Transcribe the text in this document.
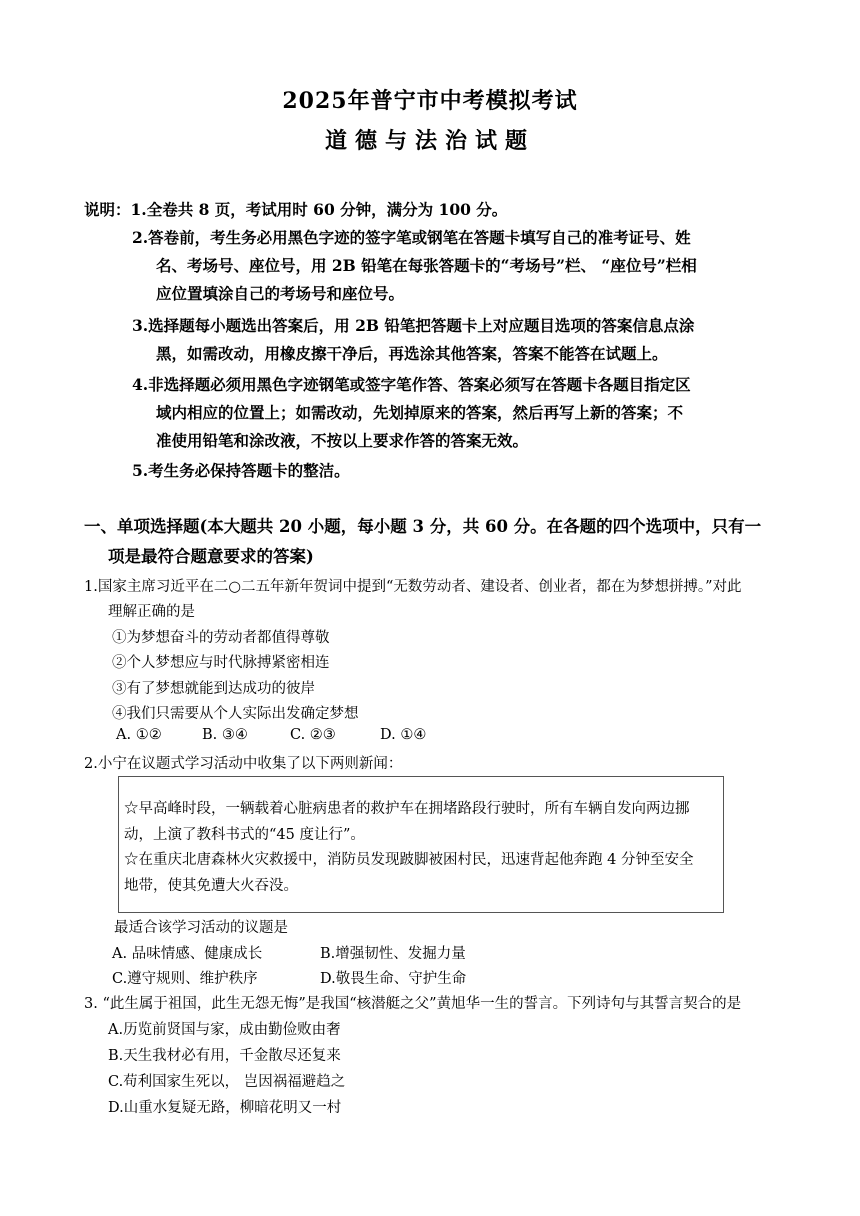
2025年普宁市中考模拟考试
道德与法治试题
说明：1.全卷共 8 页，考试用时 60 分钟，满分为 100 分。
2.答卷前，考生务必用黑色字迹的签字笔或钢笔在答题卡填写自己的准考证号、姓
名、考场号、座位号，用 2B 铅笔在每张答题卡的“考场号”栏、 “座位号”栏相
应位置填涂自己的考场号和座位号。
3.选择题每小题选出答案后，用 2B 铅笔把答题卡上对应题目选项的答案信息点涂
黑，如需改动，用橡皮擦干净后，再选涂其他答案，答案不能答在试题上。
4.非选择题必须用黑色字迹钢笔或签字笔作答、答案必须写在答题卡各题目指定区
域内相应的位置上；如需改动，先划掉原来的答案，然后再写上新的答案；不
准使用铅笔和涂改液，不按以上要求作答的答案无效。
5.考生务必保持答题卡的整洁。
一、单项选择题(本大题共 20 小题，每小题 3 分，共 60 分。在各题的四个选项中，只有一
项是最符合题意要求的答案)
1.国家主席习近平在二○二五年新年贺词中提到“无数劳动者、建设者、创业者，都在为梦想拼搏。”对此
理解正确的是
①为梦想奋斗的劳动者都值得尊敬
②个人梦想应与时代脉搏紧密相连
③有了梦想就能到达成功的彼岸
④我们只需要从个人实际出发确定梦想
A. ①②	B. ③④	C. ②③	D. ①④
2.小宁在议题式学习活动中收集了以下两则新闻：
☆早高峰时段，一辆载着心脏病患者的救护车在拥堵路段行驶时，所有车辆自发向两边挪
动，上演了教科书式的“45 度让行”。
☆在重庆北唐森林火灾救援中，消防员发现跛脚被困村民，迅速背起他奔跑 4 分钟至安全
地带，使其免遭大火吞没。
最适合该学习活动的议题是
A. 品味情感、健康成长	B.增强韧性、发掘力量
C.遵守规则、维护秩序	D.敬畏生命、守护生命
3. “此生属于祖国，此生无怨无悔”是我国“核潜艇之父”黄旭华一生的誓言。下列诗句与其誓言契合的是
A.历览前贤国与家，成由勤俭败由奢
B.天生我材必有用，千金散尽还复来
C.苟利国家生死以， 岂因祸福避趋之
D.山重水复疑无路，柳暗花明又一村
